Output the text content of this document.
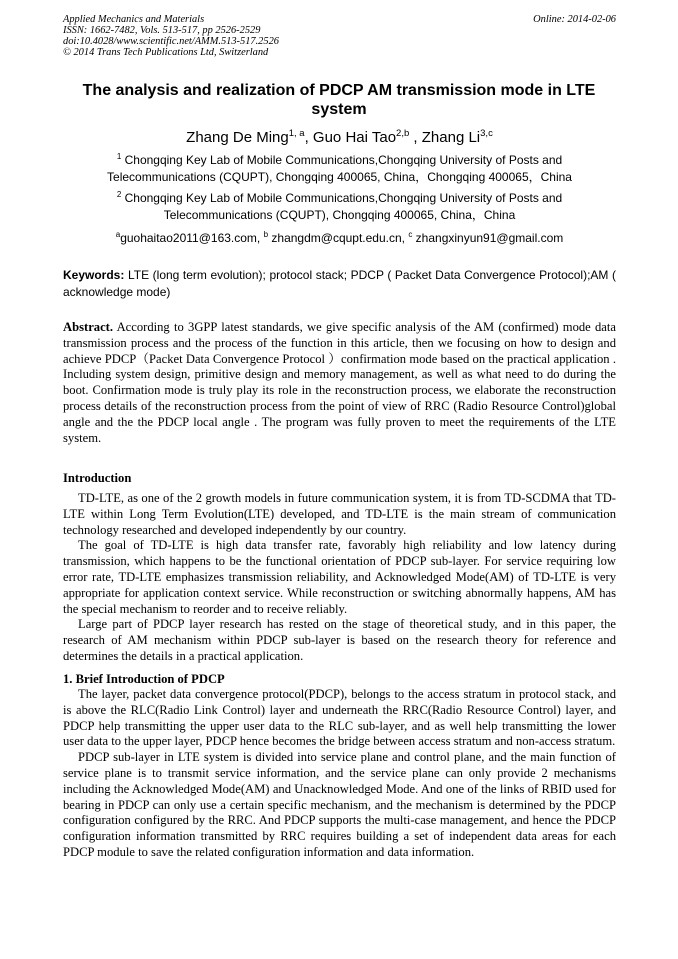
Applied Mechanics and Materials
ISSN: 1662-7482, Vols. 513-517, pp 2526-2529
doi:10.4028/www.scientific.net/AMM.513-517.2526
© 2014 Trans Tech Publications Ltd, Switzerland
Online: 2014-02-06
The analysis and realization of PDCP AM transmission mode in LTE system
Zhang De Ming$^{1, a}$, Guo Hai Tao$^{2,b}$ , Zhang Li$^{3,c}$
$^1$ Chongqing Key Lab of Mobile Communications,Chongqing University of Posts and Telecommunications (CQUPT), Chongqing 400065, China，Chongqing 400065，China
$^2$ Chongqing Key Lab of Mobile Communications,Chongqing University of Posts and Telecommunications (CQUPT), Chongqing 400065, China，China
$^a$guohaitao2011@163.com, $^b$ zhangdm@cqupt.edu.cn, $^c$ zhangxinyun91@gmail.com
Keywords: LTE (long term evolution); protocol stack; PDCP ( Packet Data Convergence Protocol);AM ( acknowledge mode)
Abstract. According to 3GPP latest standards, we give specific analysis of the AM (confirmed) mode data transmission process and the process of the function in this article, then we focusing on how to design and achieve PDCP（Packet Data Convergence Protocol ）confirmation mode based on the practical application . Including system design, primitive design and memory management, as well as what need to do during the boot. Confirmation mode is truly play its role in the reconstruction process, we elaborate the reconstruction process details of the reconstruction process from the point of view of RRC (Radio Resource Control)global angle and the the PDCP local angle . The program was fully proven to meet the requirements of the LTE system.
Introduction

TD-LTE, as one of the 2 growth models in future communication system, it is from TD-SCDMA that TD-LTE within Long Term Evolution(LTE) developed, and TD-LTE is the main stream of communication technology researched and developed independently by our country.

The goal of TD-LTE is high data transfer rate, favorably high reliability and low latency during transmission, which happens to be the functional orientation of PDCP sub-layer. For service requiring low error rate, TD-LTE emphasizes transmission reliability, and Acknowledged Mode(AM) of TD-LTE is very appropriate for application context service. While reconstruction or switching abnormally happens, AM has the special mechanism to reorder and to receive reliably.

Large part of PDCP layer research has rested on the stage of theoretical study, and in this paper, the research of AM mechanism within PDCP sub-layer is based on the research theory for reference and determines the details in a practical application.

1. Brief Introduction of PDCP

The layer, packet data convergence protocol(PDCP), belongs to the access stratum in protocol stack, and is above the RLC(Radio Link Control) layer and underneath the RRC(Radio Resource Control) layer, and PDCP help transmitting the upper user data to the RLC sub-layer, and as well help transmitting the lower user data to the upper layer, PDCP hence becomes the bridge between access stratum and non-access stratum.

PDCP sub-layer in LTE system is divided into service plane and control plane, and the main function of service plane is to transmit service information, and the service plane can only provide 2 mechanisms including the Acknowledged Mode(AM) and Unacknowledged Mode. And one of the links of RBID used for bearing in PDCP can only use a certain specific mechanism, and the mechanism is determined by the PDCP configuration configured by the RRC. And PDCP supports the multi-case management, and hence the PDCP configuration information transmitted by RRC requires building a set of independent data areas for each PDCP module to save the related configuration information and data information.
